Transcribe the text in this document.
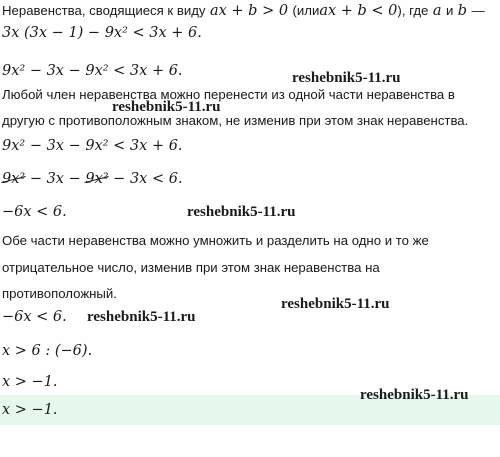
Неравенства, сводящиеся к виду ax + b > 0 (илиax + b < 0), где a и b —
3x (3x − 1) − 9x² < 3x + 6.
9x² − 3x − 9x² < 3x + 6.	reshebnik5-11.ru
Любой член неравенства можно перенести из одной части неравенства в
reshebnik5-11.ru
другую с противоположным знаком, не изменив при этом знак неравенства.
9x² − 3x − 9x² < 3x + 6.
9x² − 3x − 9x² − 3x < 6.
−6x < 6.	reshebnik5-11.ru
Обе части неравенства можно умножить и разделить на одно и то же
отрицательное число, изменив при этом знак неравенства на
противоположный.
reshebnik5-11.ru
−6x < 6. reshebnik5-11.ru
x > 6 : (−6).
x > −1.
reshebnik5-11.ru
x > −1.
